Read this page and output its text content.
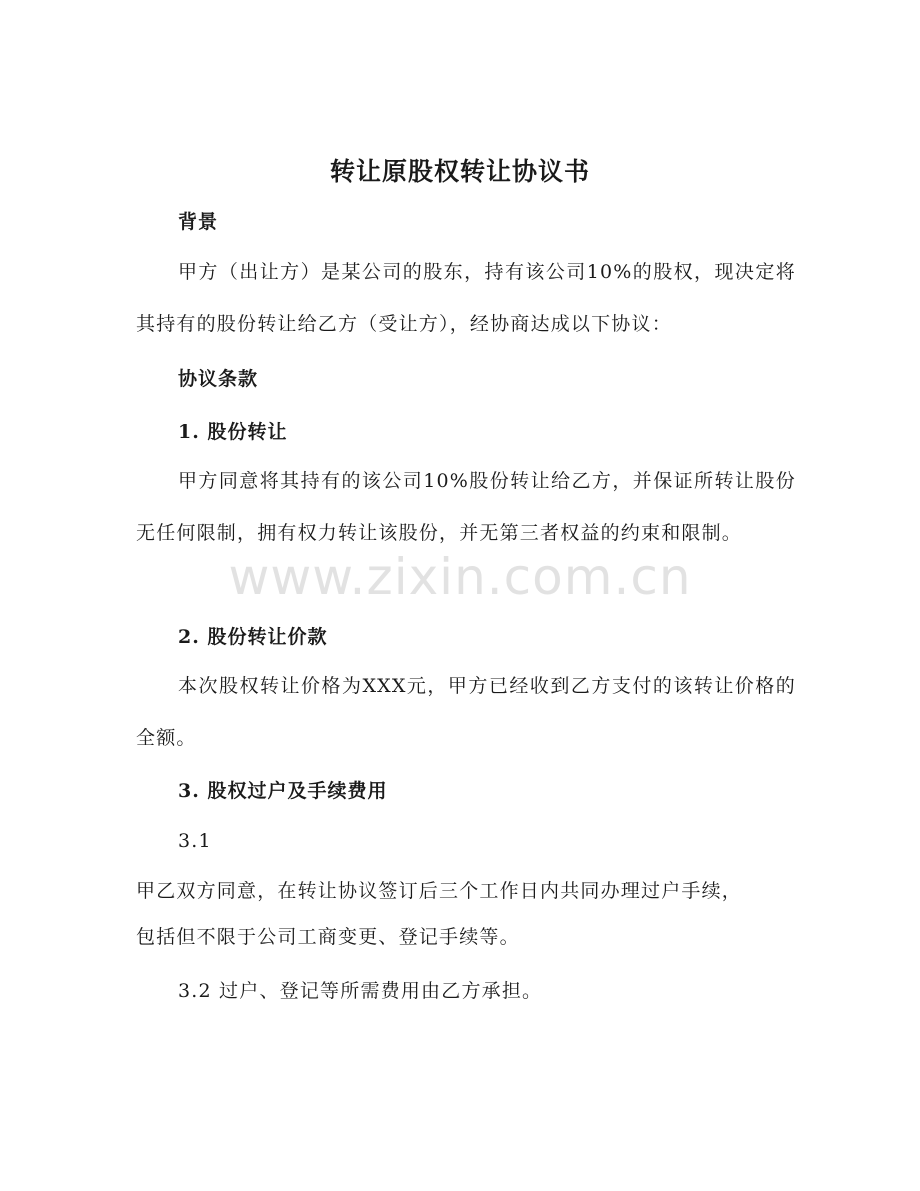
转让原股权转让协议书

背景

甲方（出让方）是某公司的股东，持有该公司10%的股权，现决定将其持有的股份转让给乙方（受让方），经协商达成以下协议：

协议条款

1. 股份转让

甲方同意将其持有的该公司10%股份转让给乙方，并保证所转让股份无任何限制，拥有权力转让该股份，并无第三者权益的约束和限制。

2. 股份转让价款

本次股权转让价格为XXX元，甲方已经收到乙方支付的该转让价格的全额。

3. 股权过户及手续费用

3.1

甲乙双方同意，在转让协议签订后三个工作日内共同办理过户手续，

包括但不限于公司工商变更、登记手续等。

3.2 过户、登记等所需费用由乙方承担。

www.zixin.com.cn
